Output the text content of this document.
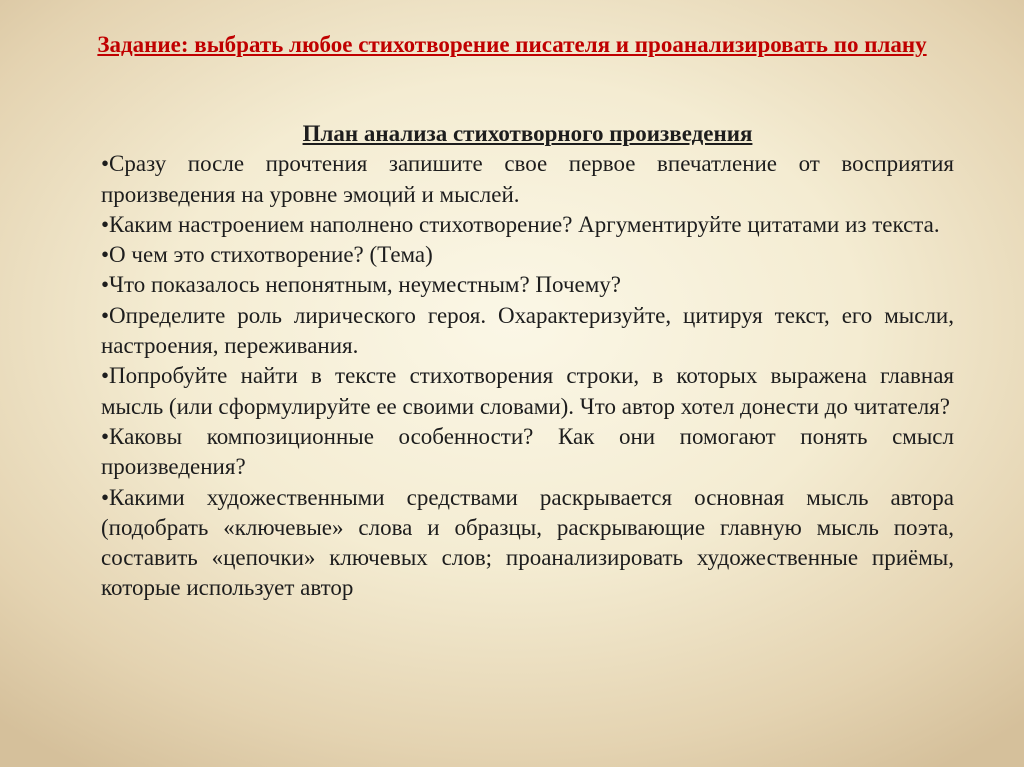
Задание: выбрать любое стихотворение писателя и проанализировать по плану
План анализа стихотворного произведения
•Сразу после прочтения запишите свое первое впечатление от восприятия произведения на уровне эмоций и мыслей.
•Каким настроением наполнено стихотворение? Аргументируйте цитатами из текста.
•О чем это стихотворение? (Тема)
•Что показалось непонятным, неуместным? Почему?
•Определите роль лирического героя. Охарактеризуйте, цитируя текст, его мысли, настроения, переживания.
•Попробуйте найти в тексте стихотворения строки, в которых выражена главная мысль (или сформулируйте ее своими словами). Что автор хотел донести до читателя?
•Каковы композиционные особенности? Как они помогают понять смысл произведения?
•Какими художественными средствами раскрывается основная мысль автора (подобрать «ключевые» слова и образцы, раскрывающие главную мысль поэта, составить «цепочки» ключевых слов; проанализировать художественные приёмы, которые использует автор
